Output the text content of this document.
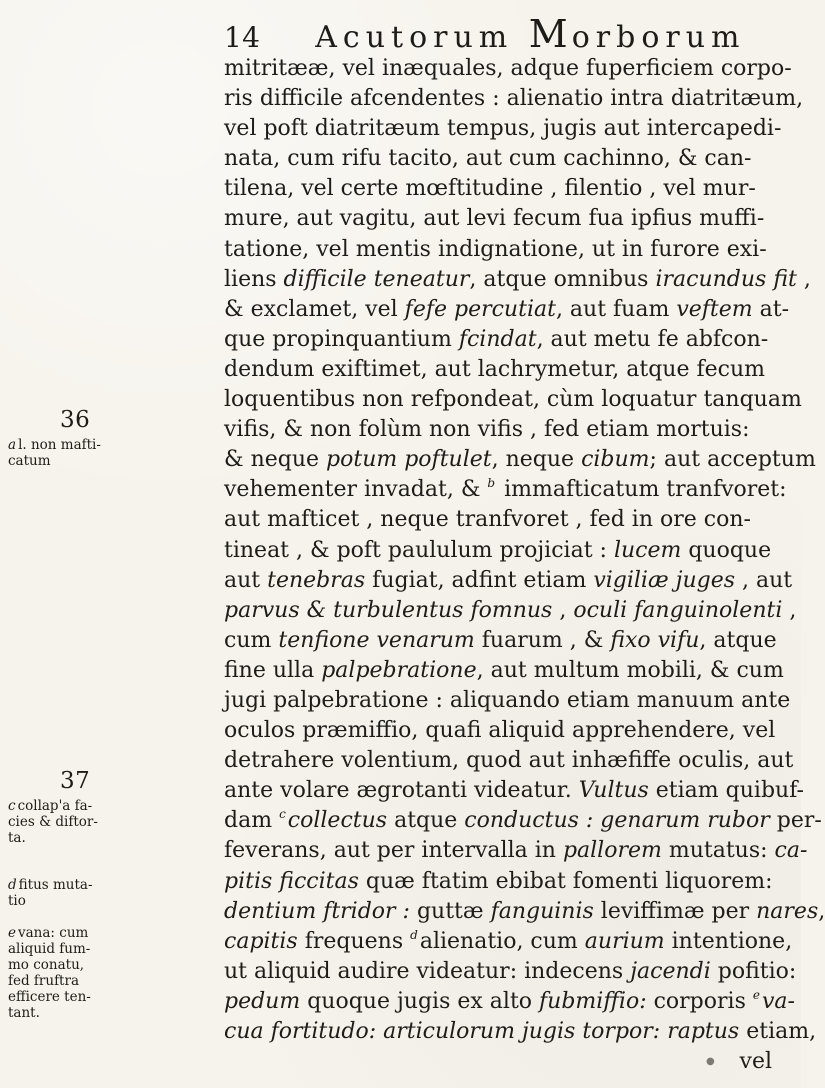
14 Acutorum Morborum
36
a l. non mafti-
catum
37
c collap'a fa-
cies & diftor-
ta.
d fitus muta-
tio
e vana: cum
aliquid fum-
mo conatu,
fed fruftra
efficere ten-
tant.
mitritææ, vel inæquales, adque fuperficiem corpo-
ris difficile afcendentes : alienatio intra diatritæum,
vel poft diatritæum tempus, jugis aut intercapedi-
nata, cum rifu tacito, aut cum cachinno, & can-
tilena, vel certe mœftitudine , filentio , vel mur-
mure, aut vagitu, aut levi fecum fua ipfius muffi-
tatione, vel mentis indignatione, ut in furore exi-
liens difficile teneatur, atque omnibus iracundus fit ,
& exclamet, vel fefe percutiat, aut fuam veftem at-
que propinquantium fcindat, aut metu fe abfcon-
dendum exiftimet, aut lachrymetur, atque fecum
loquentibus non refpondeat, cùm loquatur tanquam
vifis, & non folùm non vifis , fed etiam mortuis:
& neque potum poftulet, neque cibum; aut acceptum
vehementer invadat, & $^b$ immafticatum tranfvoret:
aut mafticet , neque tranfvoret , fed in ore con-
tineat , & poft paululum projiciat : lucem quoque
aut tenebras fugiat, adfint etiam vigiliæ juges , aut
parvus & turbulentus fomnus , oculi fanguinolenti ,
cum tenfione venarum fuarum , & fixo vifu, atque
fine ulla palpebratione, aut multum mobili, & cum
jugi palpebratione : aliquando etiam manuum ante
oculos præmiffio, quafi aliquid apprehendere, vel
detrahere volentium, quod aut inhæfiffe oculis, aut
ante volare ægrotanti videatur. Vultus etiam quibuf-
dam $^c$collectus atque conductus : genarum rubor per-
feverans, aut per intervalla in pallorem mutatus: ca-
pitis ficcitas quæ ftatim ebibat fomenti liquorem:
dentium ftridor : guttæ fanguinis leviffimæ per nares,
capitis frequens $^d$alienatio, cum aurium intentione,
ut aliquid audire videatur: indecens jacendi pofitio:
pedum quoque jugis ex alto fubmiffio: corporis $^e$va-
cua fortitudo: articulorum jugis torpor: raptus etiam,
vel
●
